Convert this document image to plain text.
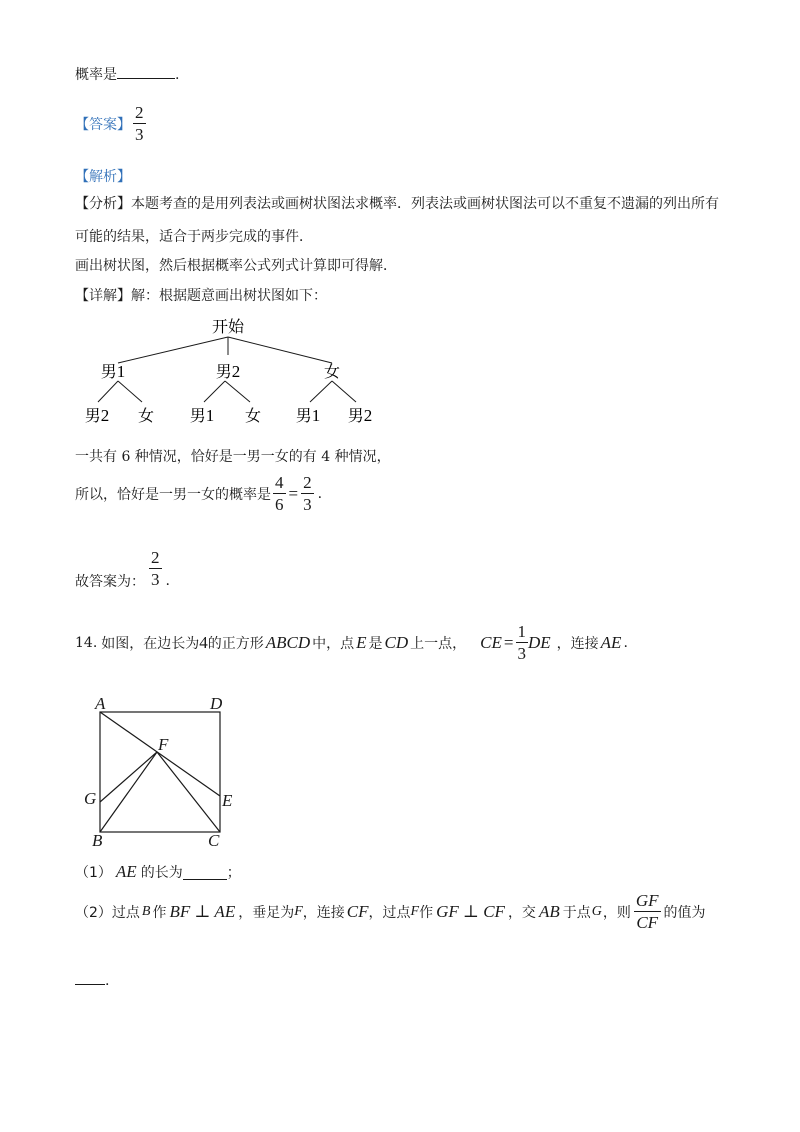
概率是	.
【答案】 $\frac{2}{3}$
【解析】
【分析】本题考查的是用列表法或画树状图法求概率．列表法或画树状图法可以不重复不遗漏的列出所有
可能的结果，适合于两步完成的事件．
画出树状图，然后根据概率公式列式计算即可得解．
【详解】解：根据题意画出树状图如下：
开始
男1	男2	女
男2 女 男1 女 男1 男2
一共有 6 种情况，恰好是一男一女的有 4 种情况，
所以，恰好是一男一女的概率是 $\frac{4}{6} = \frac{2}{3}$ .
故答案为： $\frac{2}{3}$ .
14. 如图，在边长为 4 的正方形 ABCD 中，点 E 是 CD 上一点， CE = $\frac{1}{3}$ DE ，连接 AE .
A	D
F
G	E
B	C
（1） AE 的长为	；
（2）过点 B 作 BF ⊥ AE ，垂足为 F ，连接 CF ，过点 F 作 GF ⊥ CF ，交 AB 于点 G ，则 $\frac{GF}{CF}$ 的值为
.
